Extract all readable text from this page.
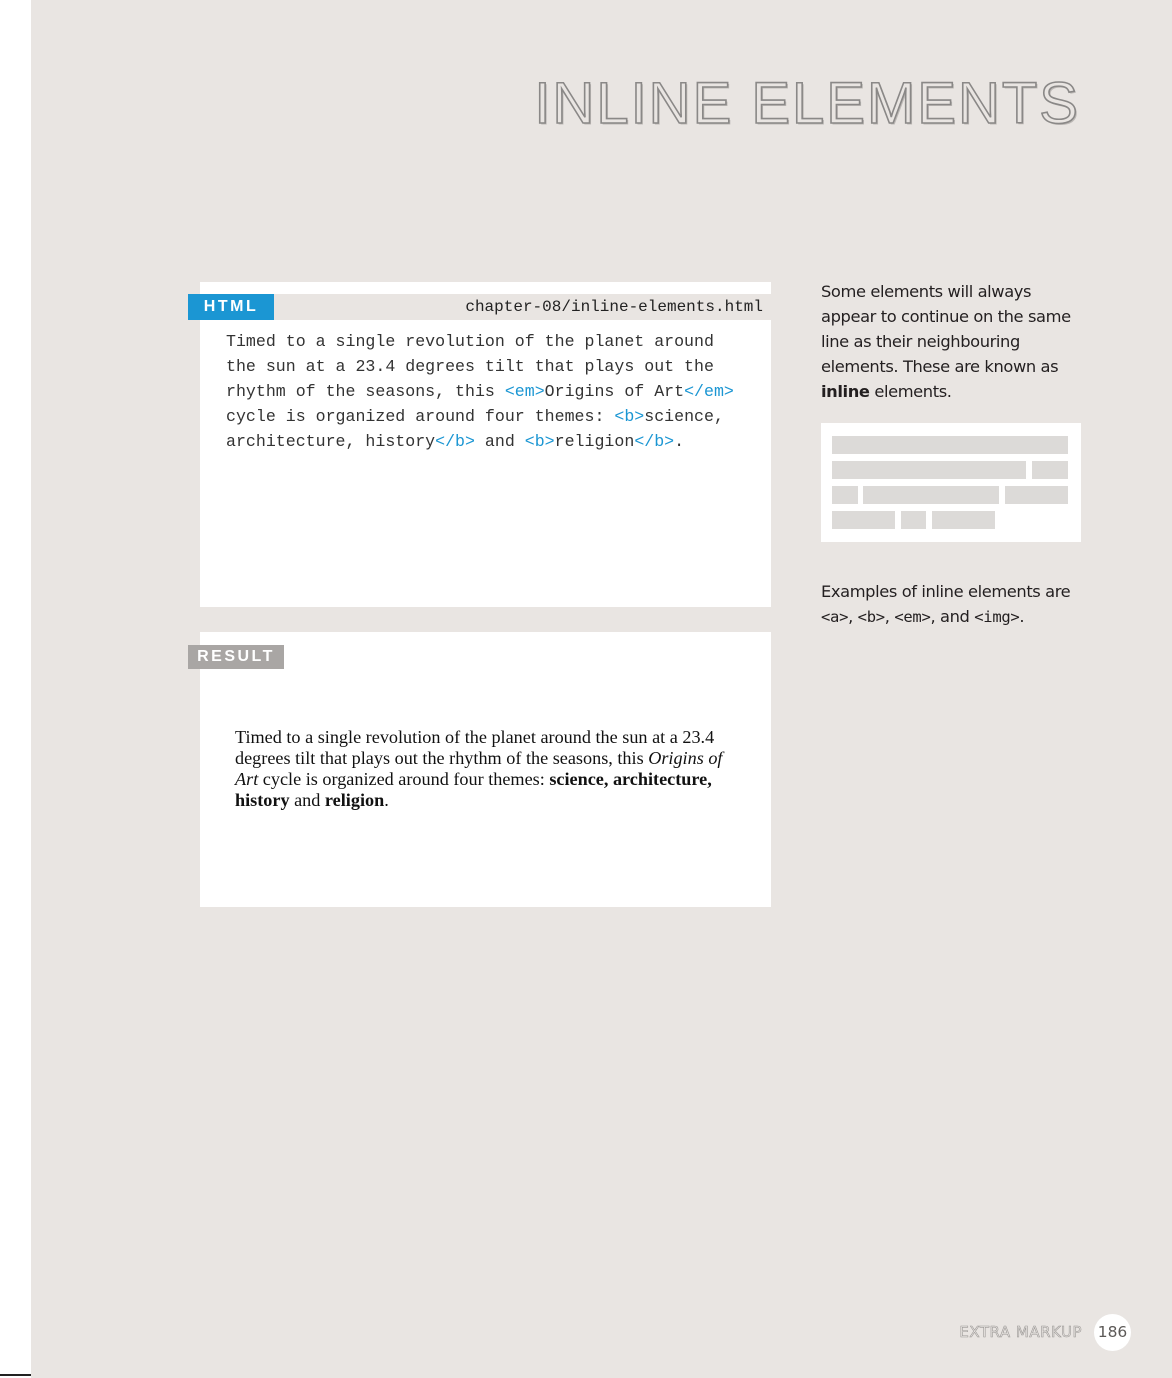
INLINE ELEMENTS
HTML	chapter-08/inline-elements.html
Timed to a single revolution of the planet around
the sun at a 23.4 degrees tilt that plays out the
rhythm of the seasons, this <em>Origins of Art</em>
cycle is organized around four themes: <b>science,
architecture, history</b> and <b>religion</b>.
RESULT
Timed to a single revolution of the planet around the sun at a 23.4 degrees tilt that plays out the rhythm of the seasons, this Origins of Art cycle is organized around four themes: science, architecture, history and religion.
Some elements will always appear to continue on the same line as their neighbouring elements. These are known as inline elements.
Examples of inline elements are <a>, <b>, <em>, and <img>.
EXTRA MARKUP 186
